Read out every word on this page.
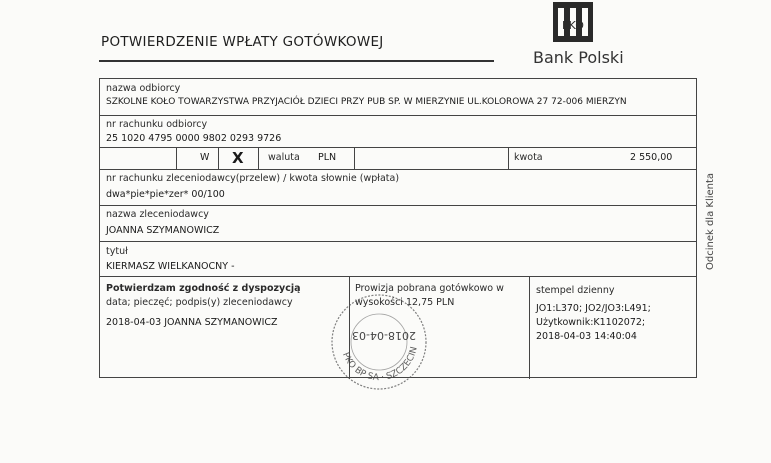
POTWIERDZENIE WPŁATY GOTÓWKOWEJ
PKO
Bank Polski
Odcinek dla Klienta
nazwa odbiorcy
SZKOLNE KOŁO TOWARZYSTWA PRZYJACIÓŁ DZIECI PRZY PUB SP. W MIERZYNIE UL.KOLOROWA 27 72-006 MIERZYN
nr rachunku odbiorcy
25 1020 4795 0000 9802 0293 9726
W X	waluta PLN	kwota	2 550,00
nr rachunku zleceniodawcy(przelew) / kwota słownie (wpłata)
dwa*pie*pie*zer* 00/100
nazwa zleceniodawcy
JOANNA SZYMANOWICZ
tytuł
KIERMASZ WIELKANOCNY -
Potwierdzam zgodność z dyspozycją
data; pieczęć; podpis(y) zleceniodawcy
2018-04-03 JOANNA SZYMANOWICZ
Prowizja pobrana gotówkowo w
wysokości 12,75 PLN
stempel dzienny
JO1:L370; JO2/JO3:L491;
Użytkownik:K1102072;
2018-04-03 14:40:04
PKO BP SA · SZCZECIN
2018-04-03
